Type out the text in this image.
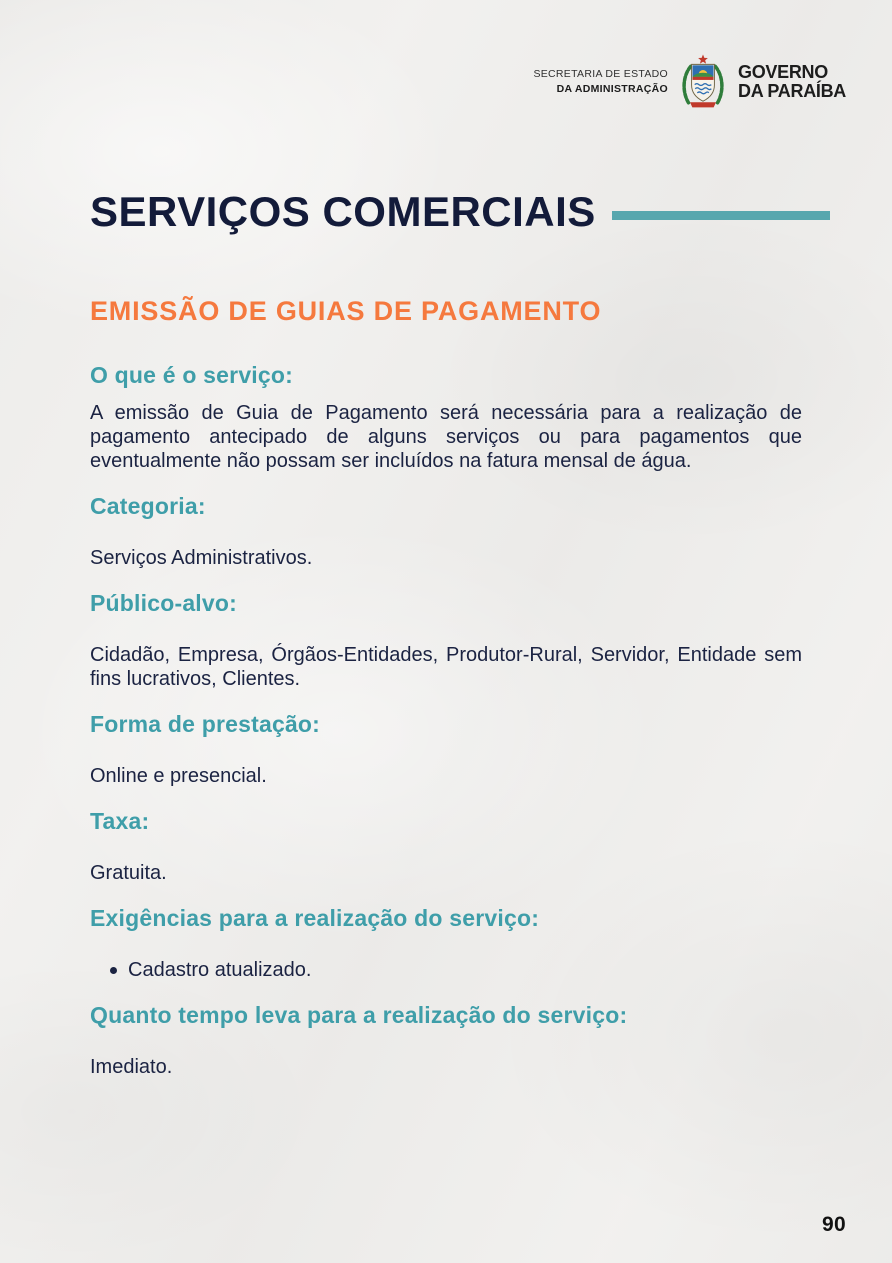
SECRETARIA DE ESTADO
DA ADMINISTRAÇÃO
GOVERNO
DA PARAÍBA
SERVIÇOS COMERCIAIS
EMISSÃO DE GUIAS DE PAGAMENTO
O que é o serviço:

A emissão de Guia de Pagamento será necessária para a realização de pagamento antecipado de alguns serviços ou para pagamentos que eventualmente não possam ser incluídos na fatura mensal de água.

Categoria:

Serviços Administrativos.

Público-alvo:

Cidadão, Empresa, Órgãos-Entidades, Produtor-Rural, Servidor, Entidade sem fins lucrativos, Clientes.

Forma de prestação:

Online e presencial.

Taxa:

Gratuita.

Exigências para a realização do serviço:
Cadastro atualizado.
Quanto tempo leva para a realização do serviço:

Imediato.

90
